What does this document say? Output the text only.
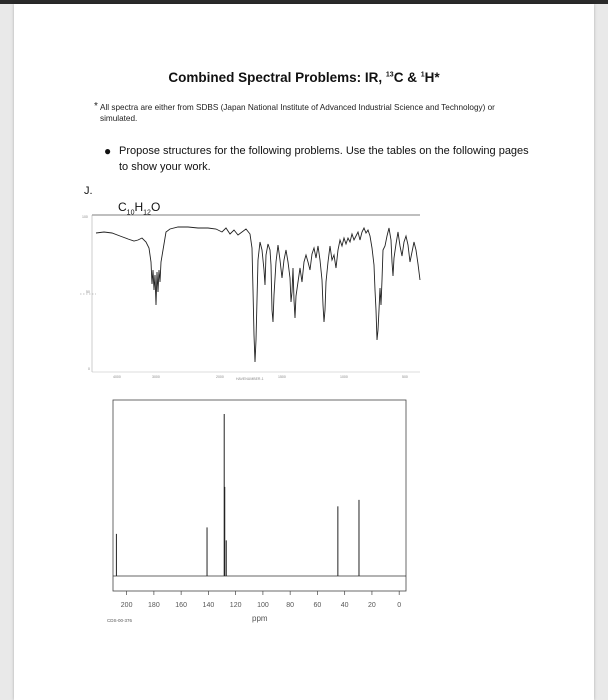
Combined Spectral Problems: IR, $^{13}$C & $^1$H*
* All spectra are either from SDBS (Japan National Institute of Advanced Industrial Science and Technology) or simulated.
● Propose structures for the following problems. Use the tables on the following pages to show your work.
J.
$C_{10}H_{12}O$
100
50
0
4000	3000	2000	1500	1000	500
HAVENUMBER-1
200 180 160 140 120 100	80	60	40	20	0
CDS-00-376	ppm
